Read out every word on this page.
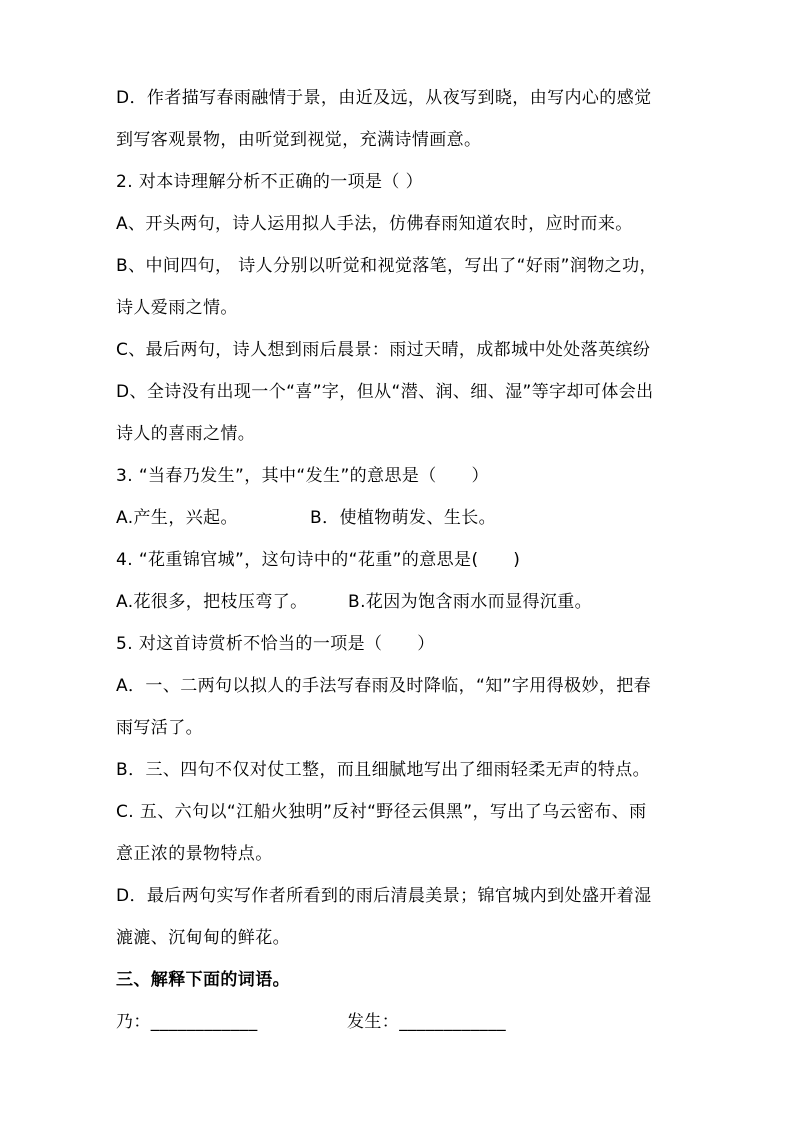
D．作者描写春雨融情于景，由近及远，从夜写到晓，由写内心的感觉
到写客观景物，由听觉到视觉，充满诗情画意。
2. 对本诗理解分析不正确的一项是（ ）
A、开头两句，诗人运用拟人手法，仿佛春雨知道农时，应时而来。
B、中间四句， 诗人分别以听觉和视觉落笔，写出了“好雨”润物之功，
诗人爱雨之情。
C、最后两句，诗人想到雨后晨景：雨过天晴，成都城中处处落英缤纷
D、全诗没有出现一个“喜”字，但从“潜、润、细、湿”等字却可体会出
诗人的喜雨之情。
3. “当春乃发生”，其中“发生”的意思是（　　）
A.产生，兴起。	B．使植物萌发、生长。
4. “花重锦官城”，这句诗中的“花重”的意思是(　　)
A.花很多，把枝压弯了。 B.花因为饱含雨水而显得沉重。
5. 对这首诗赏析不恰当的一项是（　　）
A．一、二两句以拟人的手法写春雨及时降临，“知”字用得极妙，把春
雨写活了。
B．三、四句不仅对仗工整，而且细腻地写出了细雨轻柔无声的特点。
C. 五、六句以“江船火独明”反衬“野径云俱黑”，写出了乌云密布、雨
意正浓的景物特点。
D．最后两句实写作者所看到的雨后清晨美景；锦官城内到处盛开着湿
漉漉、沉甸甸的鲜花。
三、解释下面的词语。
乃：____________	发生：____________
